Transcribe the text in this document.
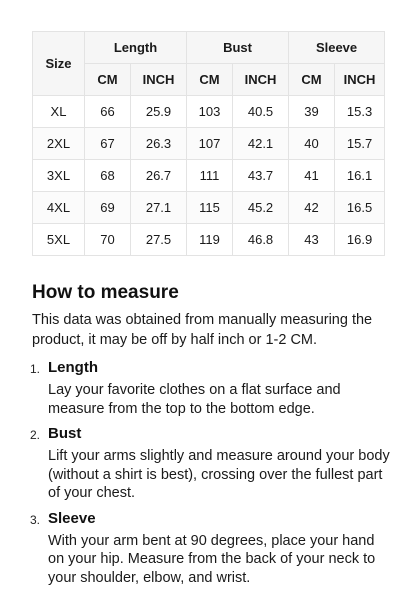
Size	Length		Bust		Sleeve	
	CM	INCH	CM	INCH	CM	INCH
XL	66	25.9	103	40.5	39	15.3
2XL	67	26.3	107	42.1	40	15.7
3XL	68	26.7	111	43.7	41	16.1
4XL	69	27.1	115	45.2	42	16.5
5XL	70	27.5	119	46.8	43	16.9
How to measure

This data was obtained from manually measuring the product, it may be off by half inch or 1-2 CM.

1. Length
Lay your favorite clothes on a flat surface and measure from the top to the bottom edge.
2. Bust
Lift your arms slightly and measure around your body (without a shirt is best), crossing over the fullest part of your chest.
3. Sleeve
With your arm bent at 90 degrees, place your hand on your hip. Measure from the back of your neck to your shoulder, elbow, and wrist.
